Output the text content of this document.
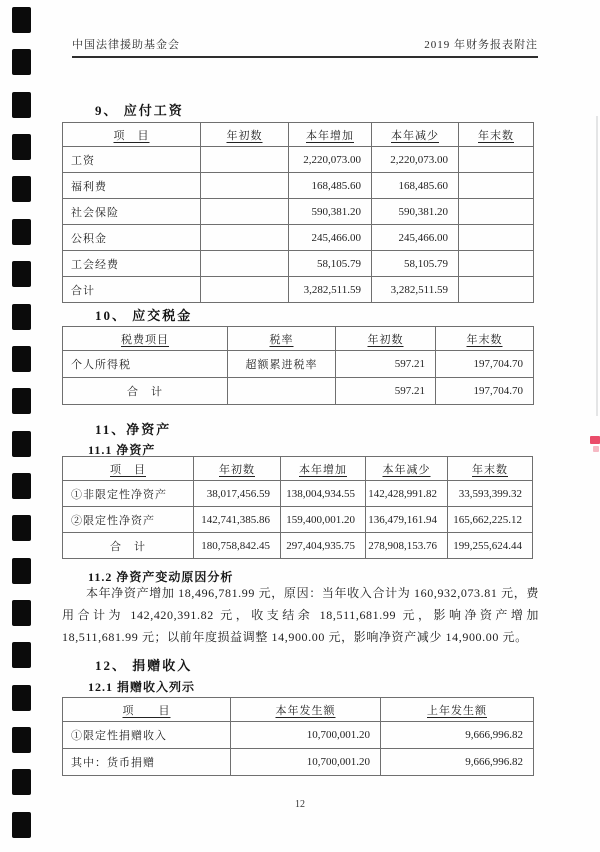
中国法律援助基金会	2019 年财务报表附注
9、 应付工资
项　目	年初数	本年增加	本年减少	年末数
工资		2,220,073.00	2,220,073.00	
福利费		168,485.60	168,485.60	
社会保险		590,381.20	590,381.20	
公积金		245,466.00	245,466.00	
工会经费		58,105.79	58,105.79	
合计		3,282,511.59	3,282,511.59	
10、 应交税金
税费项目	税率	年初数	年末数
个人所得税	超额累进税率	597.21	197,704.70
合　计		597.21	197,704.70
11、净资产
11.1 净资产
项　目	年初数	本年增加	本年减少	年末数
①非限定性净资产	38,017,456.59	138,004,934.55	142,428,991.82	33,593,399.32
②限定性净资产	142,741,385.86	159,400,001.20	136,479,161.94	165,662,225.12
合　计	180,758,842.45	297,404,935.75	278,908,153.76	199,255,624.44
11.2 净资产变动原因分析
本年净资产增加 18,496,781.99 元，原因：当年收入合计为 160,932,073.81 元，费用合计为 142,420,391.82 元，收支结余 18,511,681.99 元，影响净资产增加 18,511,681.99 元；以前年度损益调整 14,900.00 元，影响净资产减少 14,900.00 元。
12、 捐赠收入
12.1 捐赠收入列示
项　　目	本年发生额	上年发生额
①限定性捐赠收入	10,700,001.20	9,666,996.82
其中：货币捐赠	10,700,001.20	9,666,996.82
12
